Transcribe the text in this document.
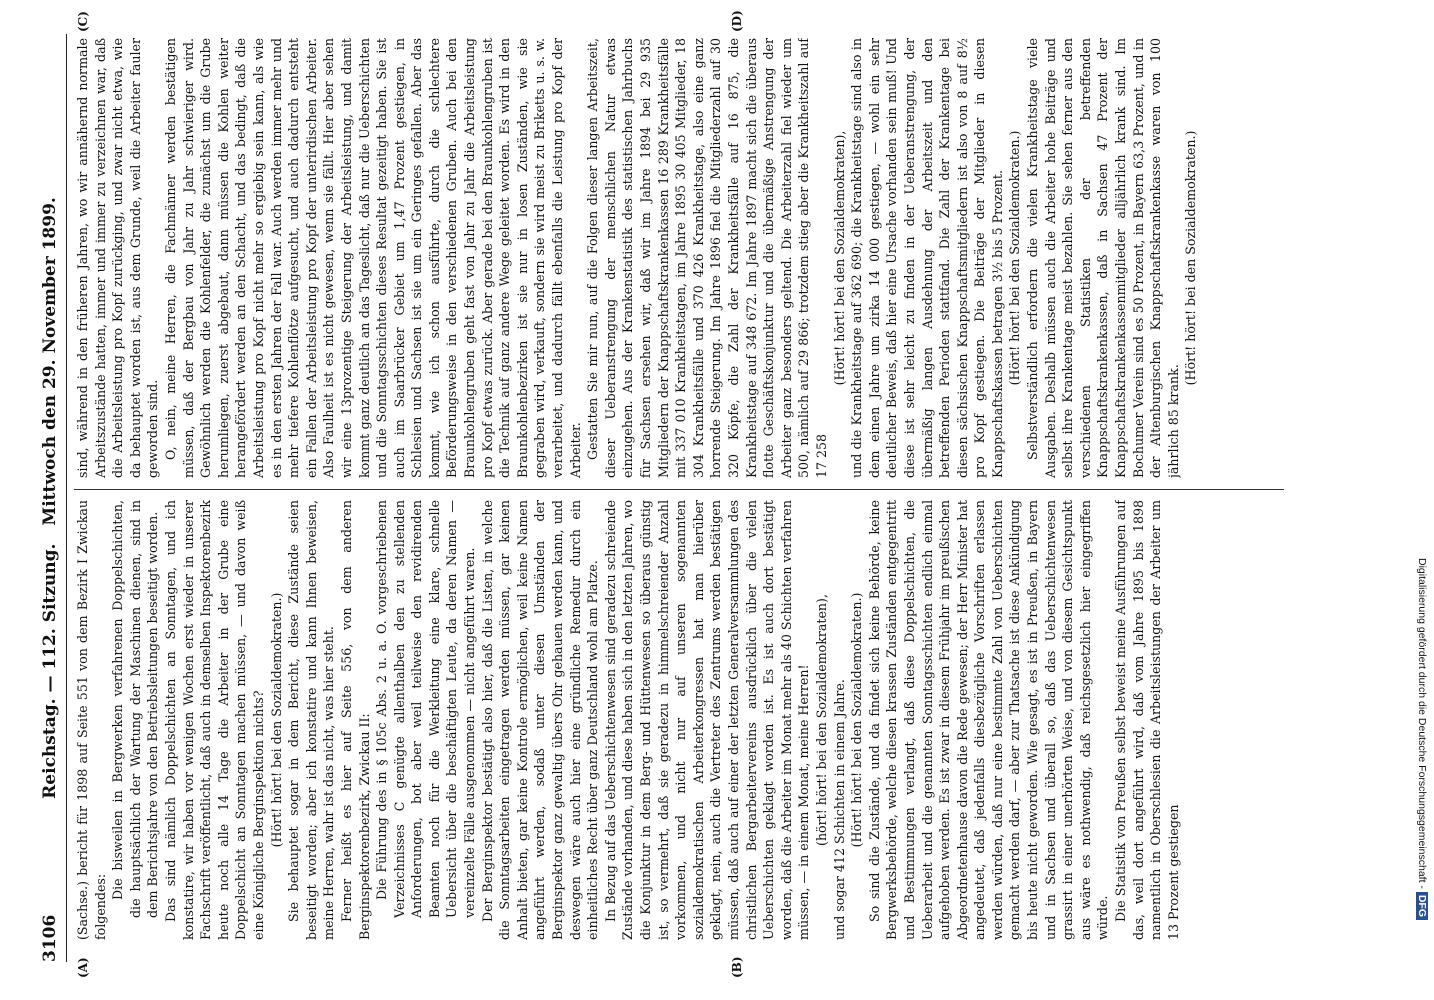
3106
Reichstag. — 112. Sitzung. Mittwoch den 29. November 1899.

(Sachse.) bericht für 1898 auf Seite 551 von dem Bezirk I Zwickau folgendes:

Die bisweilen in Bergwerken verfahrenen Doppelschichten, die hauptsächlich der Wartung der Maschinen dienen, sind in dem Berichtsjahre von den Betriebsleitungen beseitigt worden. Das sind nämlich Doppelschichten an Sonntagen, und ich konstatire, wir haben vor wenigen Wochen erst wieder in unserer Fachschrift veröffentlicht, daß auch in demselben Inspektorenbezirk heute noch alle 14 Tage die Arbeiter in der Grube eine Doppelschicht an Sonntagen machen müssen, — und davon weiß eine Königliche Berginspektion nichts? (Hört! hört! bei den Sozialdemokraten.) Sie behauptet sogar in dem Bericht, diese Zustände seien beseitigt worden; aber ich konstatire und kann Ihnen beweisen, meine Herren, wahr ist das nicht, was hier steht. Ferner heißt es hier auf Seite 556, von dem anderen Berginspektorenbezirk, Zwickau II: Die Führung des in § 105c Abs. 2 u. a. O. vorgeschriebenen Verzeichnisses C genügte allenthalben den zu stellenden Anforderungen, bot aber weil teilweise den revidirenden Beamten noch für die Werkleitung eine klare, schnelle Uebersicht über die beschäftigten Leute, da deren Namen — vereinzelte Fälle ausgenommen — nicht angeführt waren. Der Berginspektor bestätigt also hier, daß die Listen, in welche die Sonntagsarbeiten eingetragen werden müssen, gar keinen Anhalt bieten, gar keine Kontrole ermöglichen, weil keine Namen angeführt werden, sodaß unter diesen Umständen der Berginspektor ganz gewaltig übers Ohr gehauen werden kann, und deswegen wäre auch hier eine gründliche Remedur durch ein einheitliches Recht über ganz Deutschland wohl am Platze. In Bezug auf das Ueberschichtenwesen sind geradezu schreiende Zustände vorhanden, und diese haben sich in den letzten Jahren, wo die Konjunktur in dem Berg- und Hüttenwesen so überaus günstig ist, so vermehrt, daß sie geradezu in himmelschreiender Anzahl vorkommen, und nicht nur auf unseren sogenannten sozialdemokratischen Arbeiterkongressen hat man hierüber geklagt, nein, auch die Vertreter des Zentrums werden bestätigen müssen, daß auch auf einer der letzten Generalversammlungen des christlichen Bergarbeitervereins ausdrücklich über die vielen Ueberschichten geklagt worden ist. Es ist auch dort bestätigt worden, daß die Arbeiter im Monat mehr als 40 Schichten verfahren müssen, — in einem Monat, meine Herren! (hört! hört! bei den Sozialdemokraten), und sogar 412 Schichten in einem Jahre. (Hört! hört! bei den Sozialdemokraten.) So sind die Zustände, und da findet sich keine Behörde, keine Bergwerksbehörde, welche diesen krassen Zuständen entgegentritt und Bestimmungen verlangt, daß diese Doppelschichten, die Ueberarbeit und die genannten Sonntagsschichten endlich einmal aufgehoben werden. Es ist zwar in diesem Frühjahr im preußischen Abgeordnetenhause davon die Rede gewesen; der Herr Minister hat angedeutet, daß jedenfalls diesbezügliche Vorschriften erlassen werden würden, daß nur eine bestimmte Zahl von Ueberschichten gemacht werden darf, — aber zur Thatsache ist diese Ankündigung bis heute nicht geworden. Wie gesagt, es ist in Preußen, in Bayern und in Sachsen und überall so, daß das Ueberschichtenwesen grassirt in einer unerhörten Weise, und von diesem Gesichtspunkt aus wäre es nothwendig, daß reichsgesetzlich hier eingegriffen würde. Die Statistik von Preußen selbst beweist meine Ausführungen auf das, weil dort angeführt wird, daß vom Jahre 1895 bis 1898 namentlich in Oberschlesien die Arbeitsleistungen der Arbeiter um 13 Prozent gestiegen

sind, während in den früheren Jahren, wo wir annähernd normale Arbeitszustände hatten, immer und immer zu verzeichnen war, daß die Arbeitsleistung pro Kopf zurückging, und zwar nicht etwa, wie da behauptet worden ist, aus dem Grunde, weil die Arbeiter fauler geworden sind. O, nein, meine Herren, die Fachmänner werden bestätigen müssen, daß der Bergbau von Jahr zu Jahr schwieriger wird. Gewöhnlich werden die Kohlenfelder, die zunächst um die Grube herumliegen, zuerst abgebaut, dann müssen die Kohlen weiter herangefördert werden an den Schacht, und das bedingt, daß die Arbeitsleistung pro Kopf nicht mehr so ergiebig sein kann, als wie es in den ersten Jahren der Fall war. Auch werden immer mehr und mehr tiefere Kohlenflötze aufgesucht, und auch dadurch entsteht ein Fallen der Arbeitsleistung pro Kopf der unterirdischen Arbeiter. Also Faulheit ist es nicht gewesen, wenn sie fällt. Hier aber sehen wir eine 13prozentige Steigerung der Arbeitsleistung, und damit kommt ganz deutlich an das Tageslicht, daß nur die Ueberschichten und die Sonntagsschichten dieses Resultat gezeitigt haben. Sie ist auch im Saarbrücker Gebiet um 1,47 Prozent gestiegen, in Schlesien und Sachsen ist sie um ein Geringes gefallen. Aber das kommt, wie ich schon ausführte, durch die schlechtere Beförderungsweise in den verschiedenen Gruben. Auch bei den Braunkohlengruben geht fast von Jahr zu Jahr die Arbeitsleistung pro Kopf etwas zurück. Aber gerade bei den Braunkohlengruben ist die Technik auf ganz andere Wege geleitet worden. Es wird in den Braunkohlenbezirken ist sie nur in losen Zuständen, wie sie gegraben wird, verkauft, sondern sie wird meist zu Briketts u. s. w. verarbeitet, und dadurch fällt ebenfalls die Leistung pro Kopf der Arbeiter. Gestatten Sie mir nun, auf die Folgen dieser langen Arbeitszeit, dieser Ueberanstrengung der menschlichen Natur etwas einzugehen. Aus der Krankenstatistik des statistischen Jahrbuchs für Sachsen ersehen wir, daß wir im Jahre 1894 bei 29 935 Mitgliedern der Knappschaftskrankenkassen 16 289 Krankheitsfälle mit 337 010 Krankheitstagen, im Jahre 1895 30 405 Mitglieder, 18 304 Krankheitsfälle und 370 426 Krankheitstage, also eine ganz horrende Steigerung. Im Jahre 1896 fiel die Mitgliederzahl auf 30 320 Köpfe, die Zahl der Krankheitsfälle auf 16 875, die Krankheitstage auf 348 672. Im Jahre 1897 macht sich die überaus flotte Geschäftskonjunktur und die übermäßige Anstrengung der Arbeiter ganz besonders geltend. Die Arbeiterzahl fiel wieder um 500, nämlich auf 29 866; trotzdem stieg aber die Krankheitszahl auf 17 258

(Hört! hört! bei den Sozialdemokraten), und die Krankheitstage auf 362 690; die Krankheitstage sind also in dem einen Jahre um zirka 14 000 gestiegen, — wohl ein sehr deutlicher Beweis, daß hier eine Ursache vorhanden sein muß! Und diese ist sehr leicht zu finden in der Ueberanstrengung, der übermäßig langen Ausdehnung der Arbeitszeit und den betreffenden Perioden stattfand. Die Zahl der Krankentage bei diesen sächsischen Knappschaftsmitgliedern ist also von 8 auf 8½ pro Kopf gestiegen. Die Beiträge der Mitglieder in diesen Knappschaftskassen betragen 3½ bis 5 Prozent. (Hört! hört! bei den Sozialdemokraten.) Selbstverständlich erfordern die vielen Krankheitstage viele Ausgaben. Deshalb müssen auch die Arbeiter hohe Beiträge und selbst ihre Krankentage meist bezahlen. Sie sehen ferner aus den verschiedenen Statistiken der betreffenden Knappschaftskrankenkassen, daß in Sachsen 47 Prozent der Knappschaftskrankenkassenmitglieder alljährlich krank sind. Im Bochumer Verein sind es 50 Prozent, in Bayern 63,3 Prozent, und in der Altenburgischen Knappschaftskrankenkasse waren von 100 jährlich 85 krank.

(Hört! hört! bei den Sozialdemokraten.)

(A)	(B)
(C)	(D)
Digitalisierung gefördert durch die Deutsche Forschungsgemeinschaft - DFG
